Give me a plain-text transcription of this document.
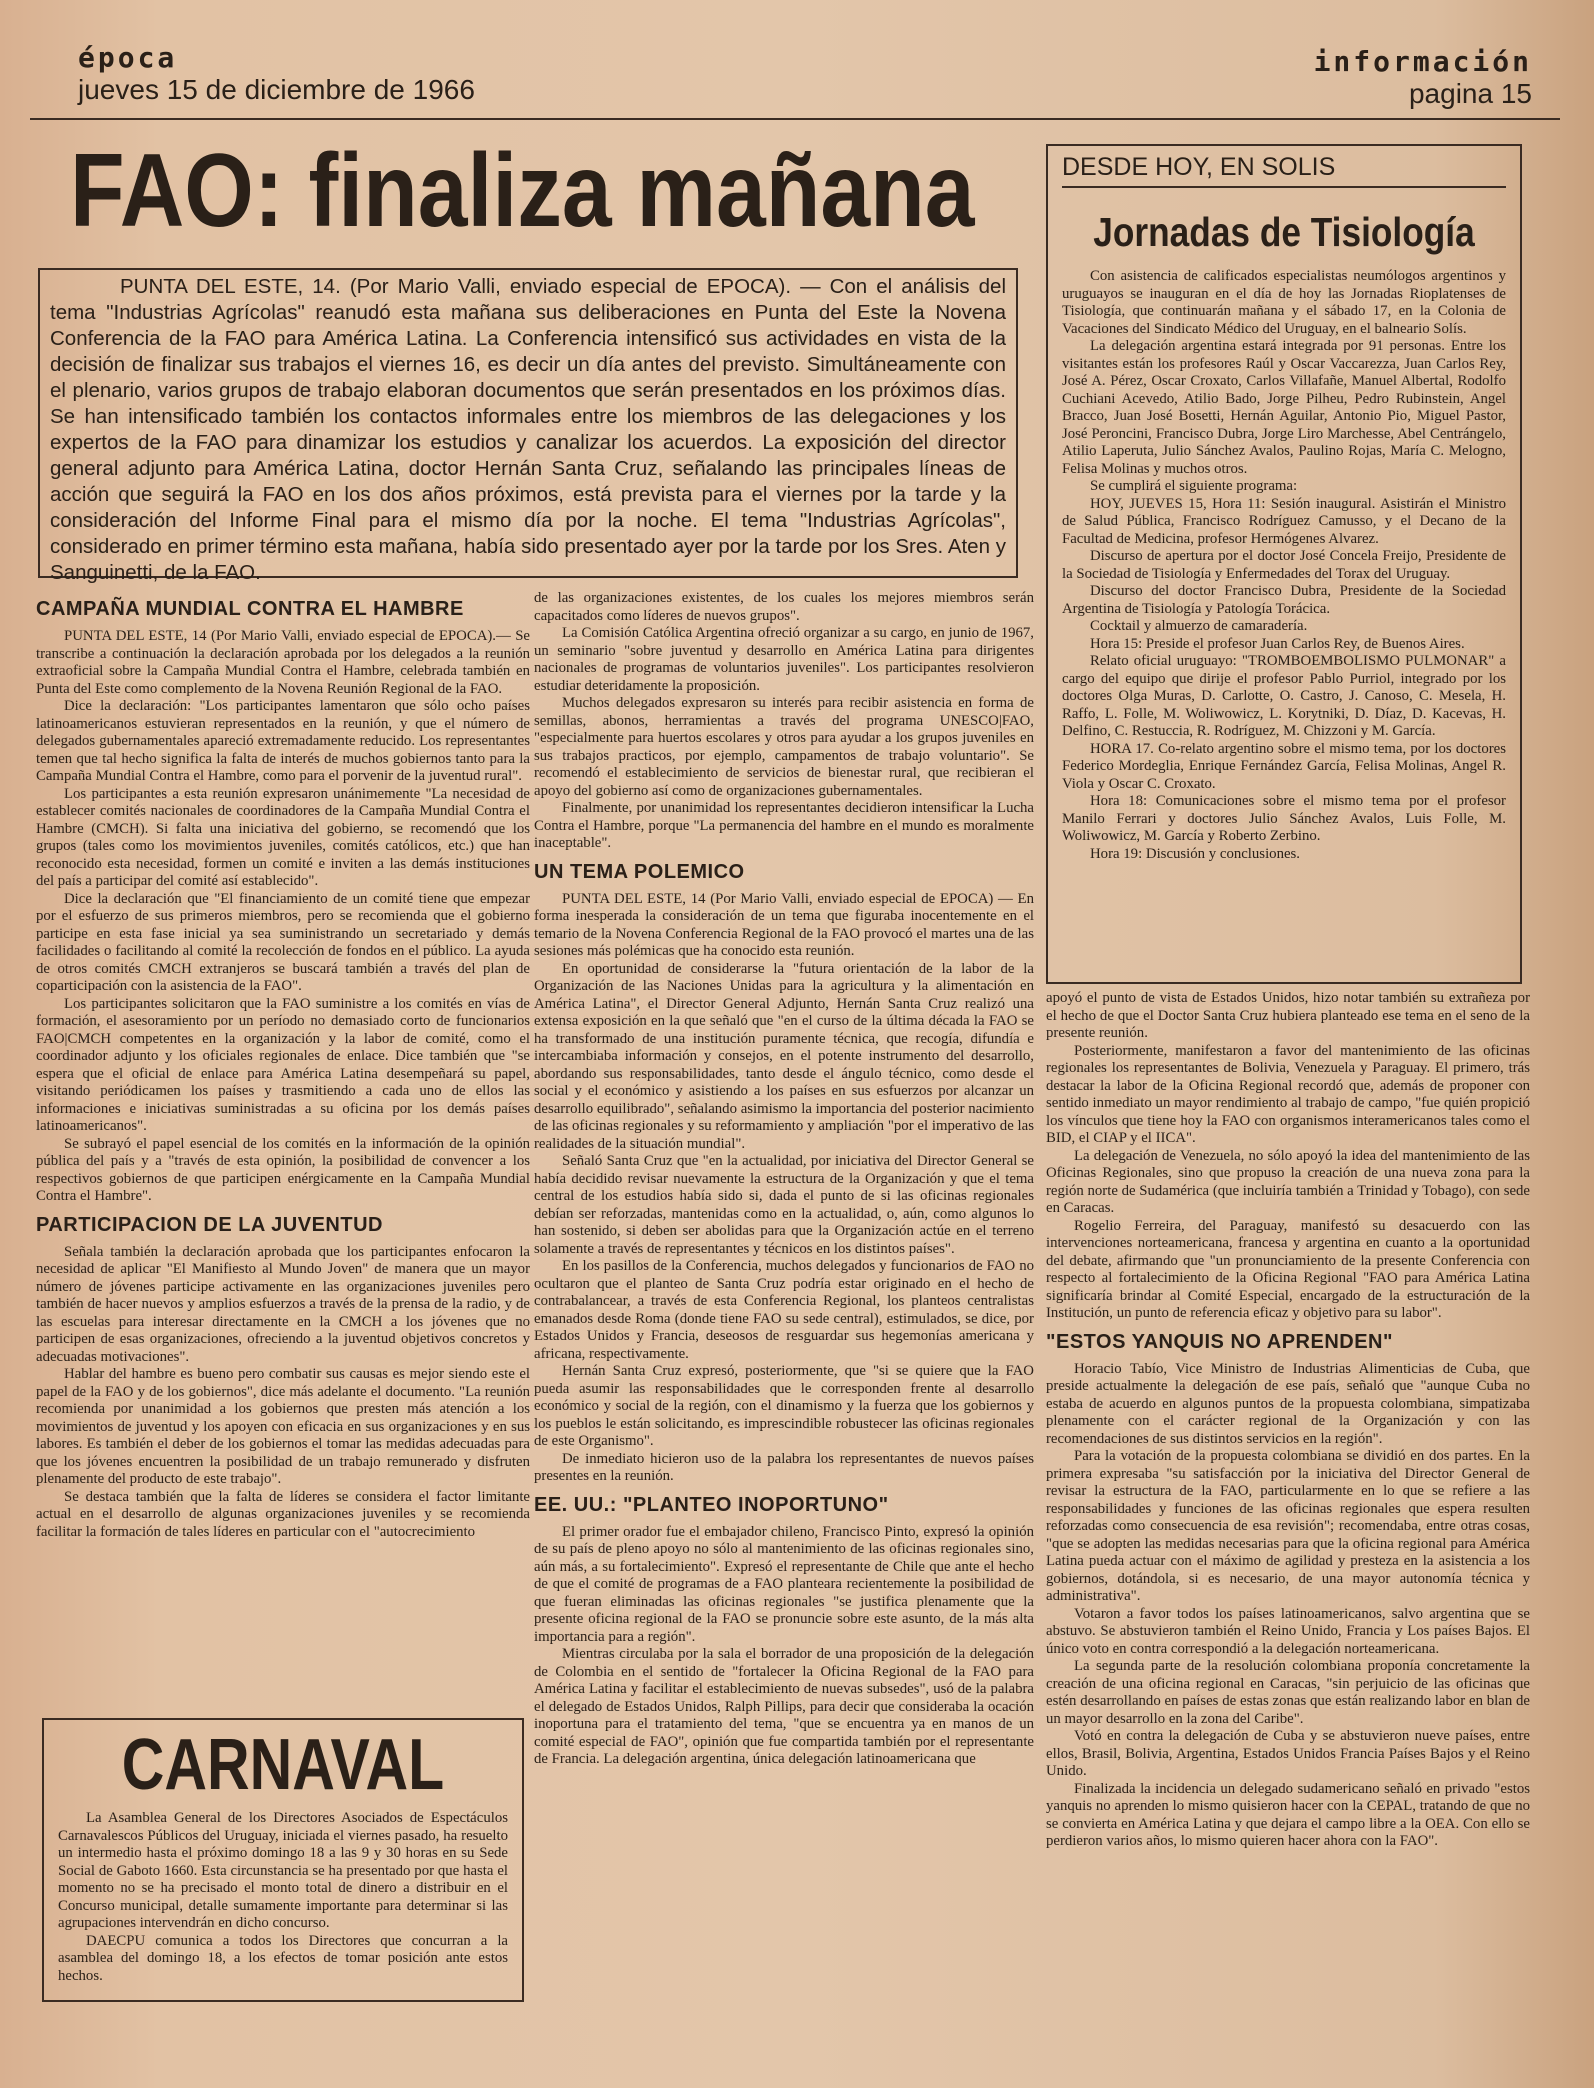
época
jueves 15 de diciembre de 1966
información
pagina 15
FAO: finaliza mañana

PUNTA DEL ESTE, 14. (Por Mario Valli, enviado especial de EPOCA). — Con el análisis del tema "Industrias Agrícolas" reanudó esta mañana sus deliberaciones en Punta del Este la Novena Conferencia de la FAO para América Latina. La Conferencia intensificó sus actividades en vista de la decisión de finalizar sus trabajos el viernes 16, es decir un día antes del previsto. Simultáneamente con el plenario, varios grupos de trabajo elaboran documentos que serán presentados en los próximos días. Se han intensificado también los contactos informales entre los miembros de las delegaciones y los expertos de la FAO para dinamizar los estudios y canalizar los acuerdos. La exposición del director general adjunto para América Latina, doctor Hernán Santa Cruz, señalando las principales líneas de acción que seguirá la FAO en los dos años próximos, está prevista para el viernes por la tarde y la consideración del Informe Final para el mismo día por la noche. El tema "Industrias Agrícolas", considerado en primer término esta mañana, había sido presentado ayer por la tarde por los Sres. Aten y Sanguinetti, de la FAO.

DESDE HOY, EN SOLIS
Jornadas de Tisiología

Con asistencia de calificados especialistas neumólogos argentinos y uruguayos se inauguran en el día de hoy las Jornadas Rioplatenses de Tisiología, que continuarán mañana y el sábado 17, en la Colonia de Vacaciones del Sindicato Médico del Uruguay, en el balneario Solís.

La delegación argentina estará integrada por 91 personas. Entre los visitantes están los profesores Raúl y Oscar Vaccarezza, Juan Carlos Rey, José A. Pérez, Oscar Croxato, Carlos Villafañe, Manuel Albertal, Rodolfo Cuchiani Acevedo, Atilio Bado, Jorge Pilheu, Pedro Rubinstein, Angel Bracco, Juan José Bosetti, Hernán Aguilar, Antonio Pio, Miguel Pastor, José Peroncini, Francisco Dubra, Jorge Liro Marchesse, Abel Centrángelo, Atilio Laperuta, Julio Sánchez Avalos, Paulino Rojas, María C. Melogno, Felisa Molinas y muchos otros.

Se cumplirá el siguiente programa:

HOY, JUEVES 15, Hora 11: Sesión inaugural. Asistirán el Ministro de Salud Pública, Francisco Rodríguez Camusso, y el Decano de la Facultad de Medicina, profesor Hermógenes Alvarez.

Discurso de apertura por el doctor José Concela Freijo, Presidente de la Sociedad de Tisiología y Enfermedades del Torax del Uruguay.

Discurso del doctor Francisco Dubra, Presidente de la Sociedad Argentina de Tisiología y Patología Torácica.

Cocktail y almuerzo de camaradería.

Hora 15: Preside el profesor Juan Carlos Rey, de Buenos Aires.

Relato oficial uruguayo: "TROMBOEMBOLISMO PULMONAR" a cargo del equipo que dirije el profesor Pablo Purriol, integrado por los doctores Olga Muras, D. Carlotte, O. Castro, J. Canoso, C. Mesela, H. Raffo, L. Folle, M. Woliwowicz, L. Korytniki, D. Díaz, D. Kacevas, H. Delfino, C. Restuccia, R. Rodríguez, M. Chizzoni y M. García.

HORA 17. Co-relato argentino sobre el mismo tema, por los doctores Federico Mordeglia, Enrique Fernández García, Felisa Molinas, Angel R. Viola y Oscar C. Croxato.

Hora 18: Comunicaciones sobre el mismo tema por el profesor Manilo Ferrari y doctores Julio Sánchez Avalos, Luis Folle, M. Woliwowicz, M. García y Roberto Zerbino.

Hora 19: Discusión y conclusiones.

CAMPAÑA MUNDIAL CONTRA EL HAMBRE

PUNTA DEL ESTE, 14 (Por Mario Valli, enviado especial de EPOCA).— Se transcribe a continuación la declaración aprobada por los delegados a la reunión extraoficial sobre la Campaña Mundial Contra el Hambre, celebrada también en Punta del Este como complemento de la Novena Reunión Regional de la FAO.

Dice la declaración: "Los participantes lamentaron que sólo ocho países latinoamericanos estuvieran representados en la reunión, y que el número de delegados gubernamentales apareció extremadamente reducido. Los representantes temen que tal hecho significa la falta de interés de muchos gobiernos tanto para la Campaña Mundial Contra el Hambre, como para el porvenir de la juventud rural".

Los participantes a esta reunión expresaron unánimemente "La necesidad de establecer comités nacionales de coordinadores de la Campaña Mundial Contra el Hambre (CMCH). Si falta una iniciativa del gobierno, se recomendó que los grupos (tales como los movimientos juveniles, comités católicos, etc.) que han reconocido esta necesidad, formen un comité e inviten a las demás instituciones del país a participar del comité así establecido".

Dice la declaración que "El financiamiento de un comité tiene que empezar por el esfuerzo de sus primeros miembros, pero se recomienda que el gobierno participe en esta fase inicial ya sea suministrando un secretariado y demás facilidades o facilitando al comité la recolección de fondos en el público. La ayuda de otros comités CMCH extranjeros se buscará también a través del plan de coparticipación con la asistencia de la FAO".

Los participantes solicitaron que la FAO suministre a los comités en vías de formación, el asesoramiento por un período no demasiado corto de funcionarios FAO|CMCH competentes en la organización y la labor de comité, como el coordinador adjunto y los oficiales regionales de enlace. Dice también que "se espera que el oficial de enlace para América Latina desempeñará su papel, visitando periódicamen los países y trasmitiendo a cada uno de ellos las informaciones e iniciativas suministradas a su oficina por los demás países latinoamericanos".

Se subrayó el papel esencial de los comités en la información de la opinión pública del país y a "través de esta opinión, la posibilidad de convencer a los respectivos gobiernos de que participen enérgicamente en la Campaña Mundial Contra el Hambre".

PARTICIPACION DE LA JUVENTUD

Señala también la declaración aprobada que los participantes enfocaron la necesidad de aplicar "El Manifiesto al Mundo Joven" de manera que un mayor número de jóvenes participe activamente en las organizaciones juveniles pero también de hacer nuevos y amplios esfuerzos a través de la prensa de la radio, y de las escuelas para interesar directamente en la CMCH a los jóvenes que no participen de esas organizaciones, ofreciendo a la juventud objetivos concretos y adecuadas motivaciones".

Hablar del hambre es bueno pero combatir sus causas es mejor siendo este el papel de la FAO y de los gobiernos", dice más adelante el documento. "La reunión recomienda por unanimidad a los gobiernos que presten más atención a los movimientos de juventud y los apoyen con eficacia en sus organizaciones y en sus labores. Es también el deber de los gobiernos el tomar las medidas adecuadas para que los jóvenes encuentren la posibilidad de un trabajo remunerado y disfruten plenamente del producto de este trabajo".

Se destaca también que la falta de líderes se considera el factor limitante actual en el desarrollo de algunas organizaciones juveniles y se recomienda facilitar la formación de tales líderes en particular con el "autocrecimiento

CARNAVAL

La Asamblea General de los Directores Asociados de Espectáculos Carnavalescos Públicos del Uruguay, iniciada el viernes pasado, ha resuelto un intermedio hasta el próximo domingo 18 a las 9 y 30 horas en su Sede Social de Gaboto 1660. Esta circunstancia se ha presentado por que hasta el momento no se ha precisado el monto total de dinero a distribuir en el Concurso municipal, detalle sumamente importante para determinar si las agrupaciones intervendrán en dicho concurso.

DAECPU comunica a todos los Directores que concurran a la asamblea del domingo 18, a los efectos de tomar posición ante estos hechos.

de las organizaciones existentes, de los cuales los mejores miembros serán capacitados como líderes de nuevos grupos".

La Comisión Católica Argentina ofreció organizar a su cargo, en junio de 1967, un seminario "sobre juventud y desarrollo en América Latina para dirigentes nacionales de programas de voluntarios juveniles". Los participantes resolvieron estudiar deteridamente la proposición.

Muchos delegados expresaron su interés para recibir asistencia en forma de semillas, abonos, herramientas a través del programa UNESCO|FAO, "especialmente para huertos escolares y otros para ayudar a los grupos juveniles en sus trabajos practicos, por ejemplo, campamentos de trabajo voluntario". Se recomendó el establecimiento de servicios de bienestar rural, que recibieran el apoyo del gobierno así como de organizaciones gubernamentales.

Finalmente, por unanimidad los representantes decidieron intensificar la Lucha Contra el Hambre, porque "La permanencia del hambre en el mundo es moralmente inaceptable".

UN TEMA POLEMICO

PUNTA DEL ESTE, 14 (Por Mario Valli, enviado especial de EPOCA) — En forma inesperada la consideración de un tema que figuraba inocentemente en el temario de la Novena Conferencia Regional de la FAO provocó el martes una de las sesiones más polémicas que ha conocido esta reunión.

En oportunidad de considerarse la "futura orientación de la labor de la Organización de las Naciones Unidas para la agricultura y la alimentación en América Latina", el Director General Adjunto, Hernán Santa Cruz realizó una extensa exposición en la que señaló que "en el curso de la última década la FAO se ha transformado de una institución puramente técnica, que recogía, difundía e intercambiaba información y consejos, en el potente instrumento del desarrollo, abordando sus responsabilidades, tanto desde el ángulo técnico, como desde el social y el económico y asistiendo a los países en sus esfuerzos por alcanzar un desarrollo equilibrado", señalando asimismo la importancia del posterior nacimiento de las oficinas regionales y su reformamiento y ampliación "por el imperativo de las realidades de la situación mundial".

Señaló Santa Cruz que "en la actualidad, por iniciativa del Director General se había decidido revisar nuevamente la estructura de la Organización y que el tema central de los estudios había sido si, dada el punto de si las oficinas regionales debían ser reforzadas, mantenidas como en la actualidad, o, aún, como algunos lo han sostenido, si deben ser abolidas para que la Organización actúe en el terreno solamente a través de representantes y técnicos en los distintos países".

En los pasillos de la Conferencia, muchos delegados y funcionarios de FAO no ocultaron que el planteo de Santa Cruz podría estar originado en el hecho de contrabalancear, a través de esta Conferencia Regional, los planteos centralistas emanados desde Roma (donde tiene FAO su sede central), estimulados, se dice, por Estados Unidos y Francia, deseosos de resguardar sus hegemonías americana y africana, respectivamente.

Hernán Santa Cruz expresó, posteriormente, que "si se quiere que la FAO pueda asumir las responsabilidades que le corresponden frente al desarrollo económico y social de la región, con el dinamismo y la fuerza que los gobiernos y los pueblos le están solicitando, es imprescindible robustecer las oficinas regionales de este Organismo".

De inmediato hicieron uso de la palabra los representantes de nuevos países presentes en la reunión.

EE. UU.: "PLANTEO INOPORTUNO"

El primer orador fue el embajador chileno, Francisco Pinto, expresó la opinión de su país de pleno apoyo no sólo al mantenimiento de las oficinas regionales sino, aún más, a su fortalecimiento". Expresó el representante de Chile que ante el hecho de que el comité de programas de a FAO planteara recientemente la posibilidad de que fueran eliminadas las oficinas regionales "se justifica plenamente que la presente oficina regional de la FAO se pronuncie sobre este asunto, de la más alta importancia para a región".

Mientras circulaba por la sala el borrador de una proposición de la delegación de Colombia en el sentido de "fortalecer la Oficina Regional de la FAO para América Latina y facilitar el establecimiento de nuevas subsedes", usó de la palabra el delegado de Estados Unidos, Ralph Pillips, para decir que consideraba la ocación inoportuna para el tratamiento del tema, "que se encuentra ya en manos de un comité especial de FAO", opinión que fue compartida también por el representante de Francia. La delegación argentina, única delegación latinoamericana que

apoyó el punto de vista de Estados Unidos, hizo notar también su extrañeza por el hecho de que el Doctor Santa Cruz hubiera planteado ese tema en el seno de la presente reunión.

Posteriormente, manifestaron a favor del mantenimiento de las oficinas regionales los representantes de Bolivia, Venezuela y Paraguay. El primero, trás destacar la labor de la Oficina Regional recordó que, además de proponer con sentido inmediato un mayor rendimiento al trabajo de campo, "fue quién propició los vínculos que tiene hoy la FAO con organismos interamericanos tales como el BID, el CIAP y el IICA".

La delegación de Venezuela, no sólo apoyó la idea del mantenimiento de las Oficinas Regionales, sino que propuso la creación de una nueva zona para la región norte de Sudamérica (que incluiría también a Trinidad y Tobago), con sede en Caracas.

Rogelio Ferreira, del Paraguay, manifestó su desacuerdo con las intervenciones norteamericana, francesa y argentina en cuanto a la oportunidad del debate, afirmando que "un pronunciamiento de la presente Conferencia con respecto al fortalecimiento de la Oficina Regional "FAO para América Latina significaría brindar al Comité Especial, encargado de la estructuración de la Institución, un punto de referencia eficaz y objetivo para su labor".

"ESTOS YANQUIS NO APRENDEN"

Horacio Tabío, Vice Ministro de Industrias Alimenticias de Cuba, que preside actualmente la delegación de ese país, señaló que "aunque Cuba no estaba de acuerdo en algunos puntos de la propuesta colombiana, simpatizaba plenamente con el carácter regional de la Organización y con las recomendaciones de sus distintos servicios en la región".

Para la votación de la propuesta colombiana se dividió en dos partes. En la primera expresaba "su satisfacción por la iniciativa del Director General de revisar la estructura de la FAO, particularmente en lo que se refiere a las responsabilidades y funciones de las oficinas regionales que espera resulten reforzadas como consecuencia de esa revisión"; recomendaba, entre otras cosas, "que se adopten las medidas necesarias para que la oficina regional para América Latina pueda actuar con el máximo de agilidad y presteza en la asistencia a los gobiernos, dotándola, si es necesario, de una mayor autonomía técnica y administrativa".

Votaron a favor todos los países latinoamericanos, salvo argentina que se abstuvo. Se abstuvieron también el Reino Unido, Francia y Los países Bajos. El único voto en contra correspondió a la delegación norteamericana.

La segunda parte de la resolución colombiana proponía concretamente la creación de una oficina regional en Caracas, "sin perjuicio de las oficinas que estén desarrollando en países de estas zonas que están realizando labor en blan de un mayor desarrollo en la zona del Caribe".

Votó en contra la delegación de Cuba y se abstuvieron nueve países, entre ellos, Brasil, Bolivia, Argentina, Estados Unidos Francia Países Bajos y el Reino Unido.

Finalizada la incidencia un delegado sudamericano señaló en privado "estos yanquis no aprenden lo mismo quisieron hacer con la CEPAL, tratando de que no se convierta en América Latina y que dejara el campo libre a la OEA. Con ello se perdieron varios años, lo mismo quieren hacer ahora con la FAO".
